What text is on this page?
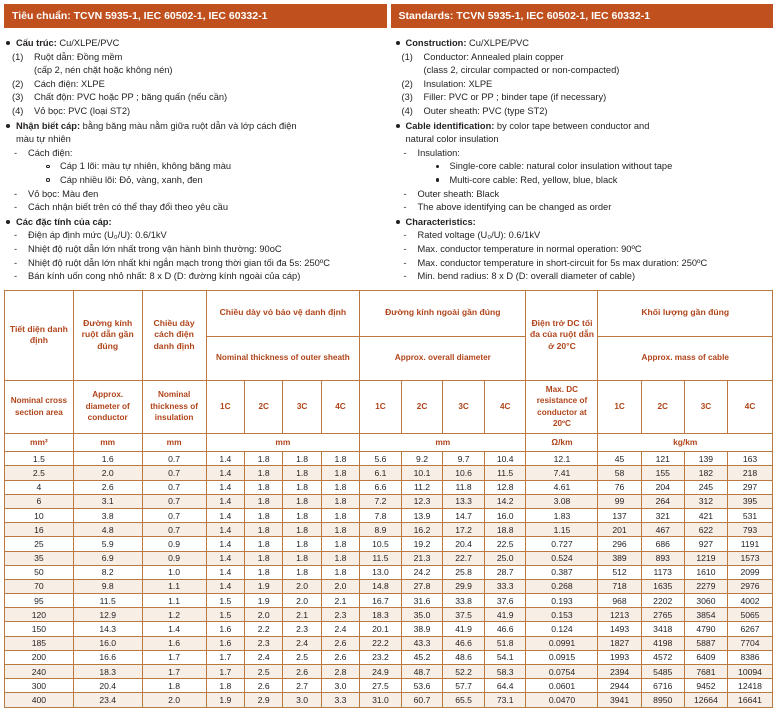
Tiêu chuẩn: TCVN 5935-1, IEC 60502-1, IEC 60332-1	Standards: TCVN 5935-1, IEC 60502-1, IEC 60332-1
Cấu trúc: Cu/XLPE/PVC
(1) Ruột dẫn: Đồng mềm
(cấp 2, nén chặt hoặc không nén)
(2) Cách điện: XLPE
(3) Chất độn: PVC hoặc PP ; băng quấn (nếu cần)
(4) Vỏ bọc: PVC (loại ST2)
Nhận biết cáp: bằng băng màu nằm giữa ruột dẫn và lớp cách điện
màu tự nhiên
- Cách điện:
Cáp 1 lõi: màu tự nhiên, không băng màu
Cáp nhiều lõi: Đỏ, vàng, xanh, đen
- Vỏ bọc: Màu đen
- Cách nhận biết trên có thể thay đổi theo yêu cầu
Các đặc tính của cáp:
- Điện áp định mức (U₀/U): 0.6/1kV
- Nhiệt độ ruột dẫn lớn nhất trong vận hành bình thường: 90oC
- Nhiệt độ ruột dẫn lớn nhất khi ngắn mạch trong thời gian tối đa 5s: 250ºC
- Bán kính uốn cong nhỏ nhất: 8 x D (D: đường kính ngoài của cáp)
Construction: Cu/XLPE/PVC
(1) Conductor: Annealed plain copper
(class 2, circular compacted or non-compacted)
(2) Insulation: XLPE
(3) Filler: PVC or PP ; binder tape (if necessary)
(4) Outer sheath: PVC (type ST2)
Cable identification: by color tape between conductor and
natural color insulation
- Insulation:
Single-core cable: natural color insulation without tape
Multi-core cable: Red, yellow, blue, black
- Outer sheath: Black
- The above identifying can be changed as order
Characteristics:
- Rated voltage (U₀/U): 0.6/1kV
- Max. conductor temperature in normal operation: 90ºC
- Max. conductor temperature in short-circuit for 5s max duration: 250ºC
- Min. bend radius: 8 x D (D: overall diameter of cable)
Tiết diện danh định	Đường kính ruột dẫn gần đúng	Chiều dày cách điện danh định	Chiều dày vỏ bảo vệ danh định				Đường kính ngoài gần đúng				Điện trở DC tối đa của ruột dẫn ở 20°C	Khối lượng gần đúng			
			Nominal thickness of outer sheath				Approx. overall diameter					Approx. mass of cable			
Nominal cross section area	Approx. diameter of conductor	Nominal thickness of insulation	1C	2C	3C	4C	1C	2C	3C	4C	Max. DC resistance of conductor at 20ºC	1C	2C	3C	4C
mm²	mm	mm	mm				mm				Ω/km	kg/km			
1.5	1.6	0.7	1.4	1.8	1.8	1.8	5.6	9.2	9.7	10.4	12.1	45	121	139	163
2.5	2.0	0.7	1.4	1.8	1.8	1.8	6.1	10.1	10.6	11.5	7.41	58	155	182	218
4	2.6	0.7	1.4	1.8	1.8	1.8	6.6	11.2	11.8	12.8	4.61	76	204	245	297
6	3.1	0.7	1.4	1.8	1.8	1.8	7.2	12.3	13.3	14.2	3.08	99	264	312	395
10	3.8	0.7	1.4	1.8	1.8	1.8	7.8	13.9	14.7	16.0	1.83	137	321	421	531
16	4.8	0.7	1.4	1.8	1.8	1.8	8.9	16.2	17.2	18.8	1.15	201	467	622	793
25	5.9	0.9	1.4	1.8	1.8	1.8	10.5	19.2	20.4	22.5	0.727	296	686	927	1191
35	6.9	0.9	1.4	1.8	1.8	1.8	11.5	21.3	22.7	25.0	0.524	389	893	1219	1573
50	8.2	1.0	1.4	1.8	1.8	1.8	13.0	24.2	25.8	28.7	0.387	512	1173	1610	2099
70	9.8	1.1	1.4	1.9	2.0	2.0	14.8	27.8	29.9	33.3	0.268	718	1635	2279	2976
95	11.5	1.1	1.5	1.9	2.0	2.1	16.7	31.6	33.8	37.6	0.193	968	2202	3060	4002
120	12.9	1.2	1.5	2.0	2.1	2.3	18.3	35.0	37.5	41.9	0.153	1213	2765	3854	5065
150	14.3	1.4	1.6	2.2	2.3	2.4	20.1	38.9	41.9	46.6	0.124	1493	3418	4790	6267
185	16.0	1.6	1.6	2.3	2.4	2.6	22.2	43.3	46.6	51.8	0.0991	1827	4198	5887	7704
200	16.6	1.7	1.7	2.4	2.5	2.6	23.2	45.2	48.6	54.1	0.0915	1993	4572	6409	8386
240	18.3	1.7	1.7	2.5	2.6	2.8	24.9	48.7	52.2	58.3	0.0754	2394	5485	7681	10094
300	20.4	1.8	1.8	2.6	2.7	3.0	27.5	53.6	57.7	64.4	0.0601	2944	6716	9452	12418
400	23.4	2.0	1.9	2.9	3.0	3.3	31.0	60.7	65.5	73.1	0.0470	3941	8950	12664	16641
